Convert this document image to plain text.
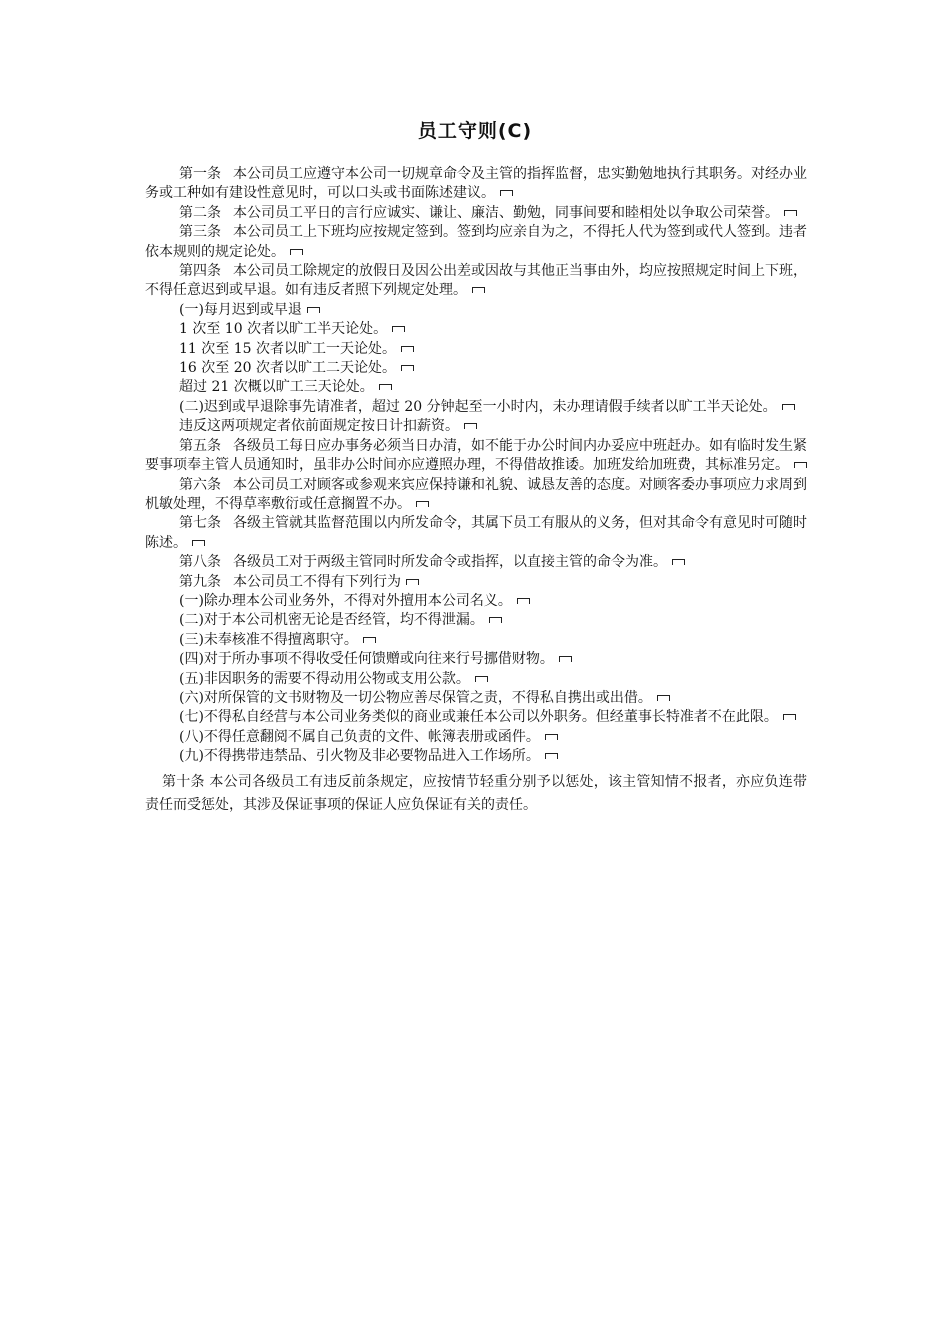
员工守则(C)

第一条 本公司员工应遵守本公司一切规章命令及主管的指挥监督，忠实勤勉地执行其职务。对经办业务或工种如有建设性意见时，可以口头或书面陈述建议。

第二条 本公司员工平日的言行应诚实、谦让、廉洁、勤勉，同事间要和睦相处以争取公司荣誉。

第三条 本公司员工上下班均应按规定签到。签到均应亲自为之，不得托人代为签到或代人签到。违者依本规则的规定论处。

第四条 本公司员工除规定的放假日及因公出差或因故与其他正当事由外，均应按照规定时间上下班，不得任意迟到或早退。如有违反者照下列规定处理。

(一)每月迟到或早退

1 次至 10 次者以旷工半天论处。

11 次至 15 次者以旷工一天论处。

16 次至 20 次者以旷工二天论处。

超过 21 次概以旷工三天论处。

(二)迟到或早退除事先请准者，超过 20 分钟起至一小时内，未办理请假手续者以旷工半天论处。

违反这两项规定者依前面规定按日计扣薪资。

第五条 各级员工每日应办事务必须当日办清，如不能于办公时间内办妥应中班赶办。如有临时发生紧要事项奉主管人员通知时，虽非办公时间亦应遵照办理，不得借故推诿。加班发给加班费，其标准另定。

第六条 本公司员工对顾客或参观来宾应保持谦和礼貌、诚恳友善的态度。对顾客委办事项应力求周到机敏处理，不得草率敷衍或任意搁置不办。

第七条 各级主管就其监督范围以内所发命令，其属下员工有服从的义务，但对其命令有意见时可随时陈述。

第八条 各级员工对于两级主管同时所发命令或指挥，以直接主管的命令为准。

第九条 本公司员工不得有下列行为

(一)除办理本公司业务外，不得对外擅用本公司名义。

(二)对于本公司机密无论是否经管，均不得泄漏。

(三)未奉核准不得擅离职守。

(四)对于所办事项不得收受任何馈赠或向往来行号挪借财物。

(五)非因职务的需要不得动用公物或支用公款。

(六)对所保管的文书财物及一切公物应善尽保管之责，不得私自携出或出借。

(七)不得私自经营与本公司业务类似的商业或兼任本公司以外职务。但经董事长特准者不在此限。

(八)不得任意翻阅不属自己负责的文件、帐簿表册或函件。

(九)不得携带违禁品、引火物及非必要物品进入工作场所。

第十条 本公司各级员工有违反前条规定，应按情节轻重分别予以惩处，该主管知情不报者，亦应负连带责任而受惩处，其涉及保证事项的保证人应负保证有关的责任。
